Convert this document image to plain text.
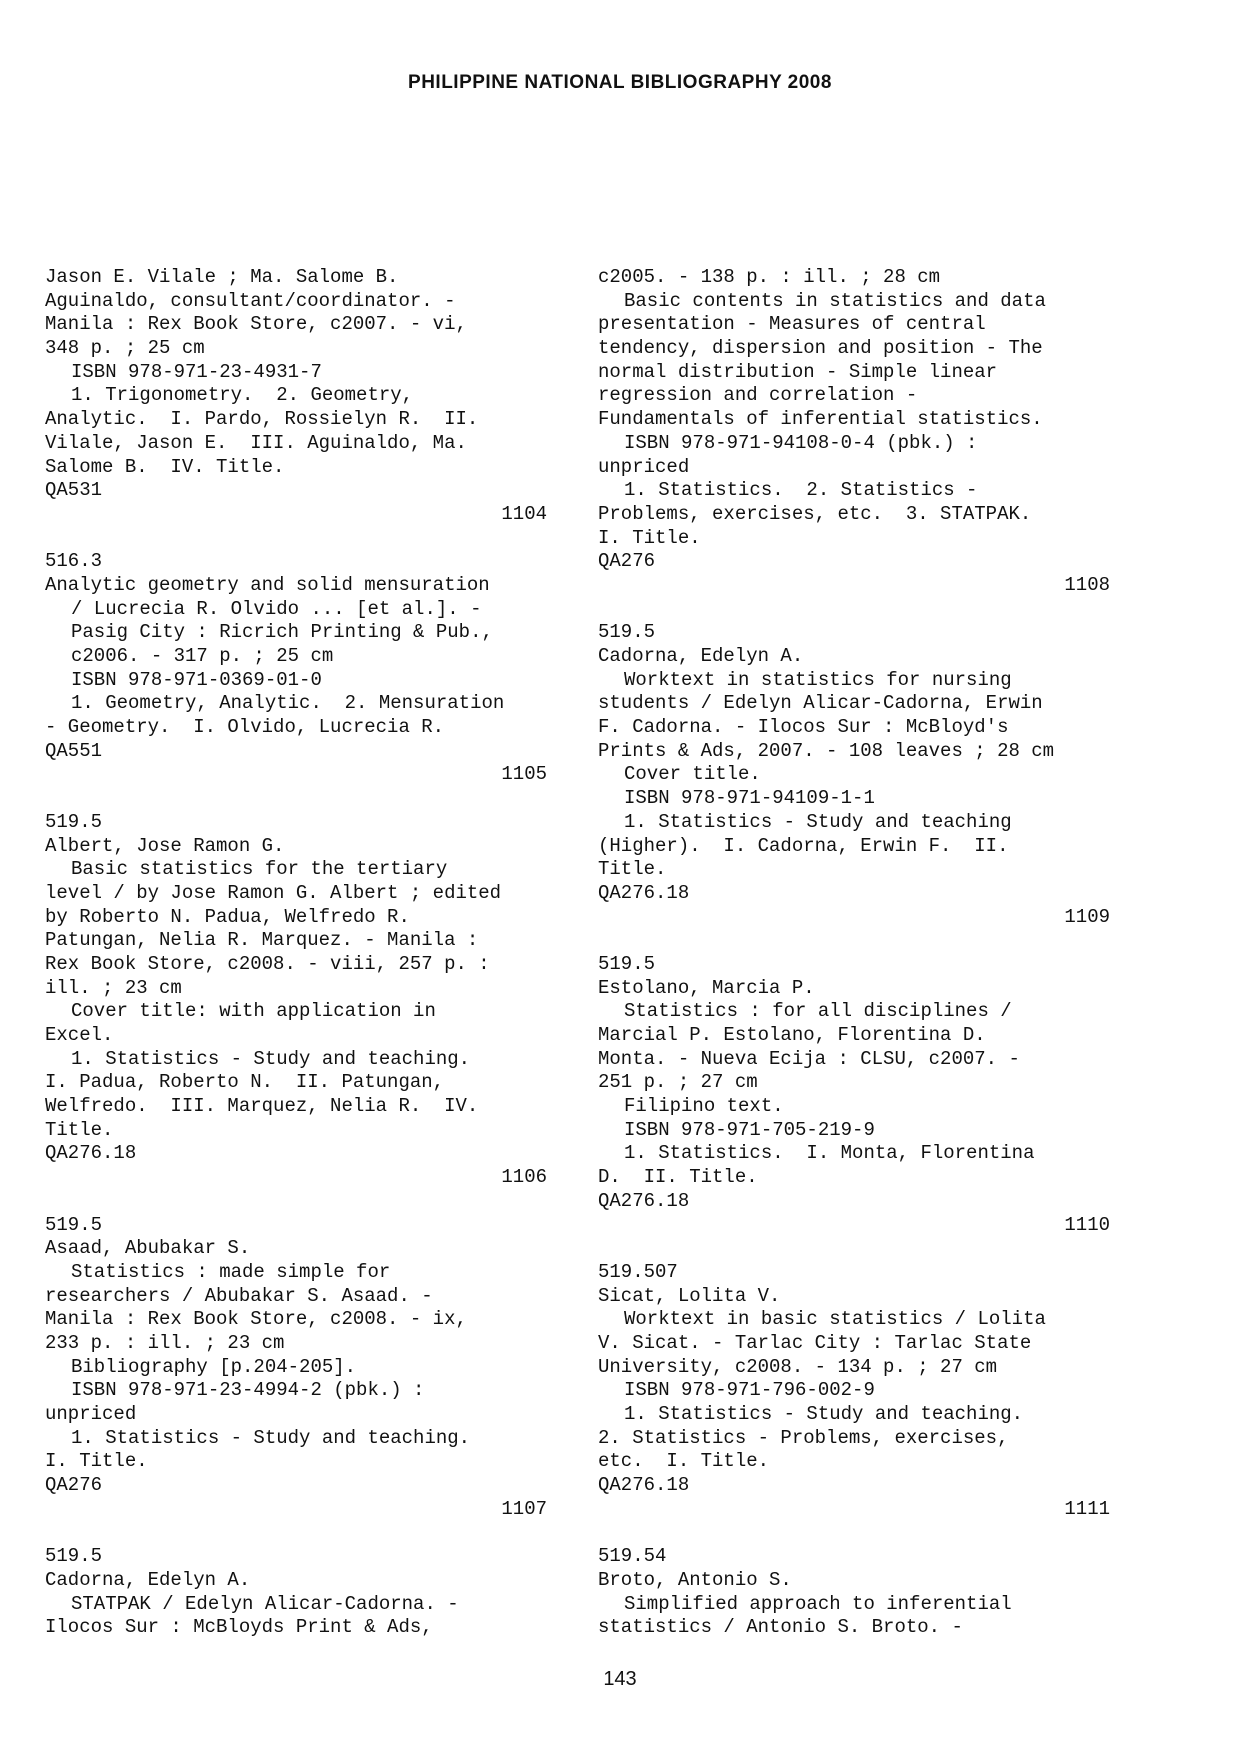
PHILIPPINE NATIONAL BIBLIOGRAPHY 2008
Jason E. Vilale ; Ma. Salome B.
Aguinaldo, consultant/coordinator. -
Manila : Rex Book Store, c2007. - vi,
348 p. ; 25 cm
ISBN 978-971-23-4931-7
1. Trigonometry.  2. Geometry,
Analytic.  I. Pardo, Rossielyn R.  II.
Vilale, Jason E.  III. Aguinaldo, Ma.
Salome B.  IV. Title.
QA531
1104
516.3
Analytic geometry and solid mensuration
/ Lucrecia R. Olvido ... [et al.]. -
Pasig City : Ricrich Printing & Pub.,
c2006. - 317 p. ; 25 cm
ISBN 978-971-0369-01-0
1. Geometry, Analytic.  2. Mensuration
- Geometry.  I. Olvido, Lucrecia R.
QA551
1105
519.5
Albert, Jose Ramon G.
Basic statistics for the tertiary
level / by Jose Ramon G. Albert ; edited
by Roberto N. Padua, Welfredo R.
Patungan, Nelia R. Marquez. - Manila :
Rex Book Store, c2008. - viii, 257 p. :
ill. ; 23 cm
Cover title: with application in
Excel.
1. Statistics - Study and teaching.
I. Padua, Roberto N.  II. Patungan,
Welfredo.  III. Marquez, Nelia R.  IV.
Title.
QA276.18
1106
519.5
Asaad, Abubakar S.
Statistics : made simple for
researchers / Abubakar S. Asaad. -
Manila : Rex Book Store, c2008. - ix,
233 p. : ill. ; 23 cm
Bibliography [p.204-205].
ISBN 978-971-23-4994-2 (pbk.) :
unpriced
1. Statistics - Study and teaching.
I. Title.
QA276
1107
519.5
Cadorna, Edelyn A.
STATPAK / Edelyn Alicar-Cadorna. -
Ilocos Sur : McBloyds Print & Ads,
c2005. - 138 p. : ill. ; 28 cm
Basic contents in statistics and data
presentation - Measures of central
tendency, dispersion and position - The
normal distribution - Simple linear
regression and correlation -
Fundamentals of inferential statistics.
ISBN 978-971-94108-0-4 (pbk.) :
unpriced
1. Statistics.  2. Statistics -
Problems, exercises, etc.  3. STATPAK.
I. Title.
QA276
1108
519.5
Cadorna, Edelyn A.
Worktext in statistics for nursing
students / Edelyn Alicar-Cadorna, Erwin
F. Cadorna. - Ilocos Sur : McBloyd's
Prints & Ads, 2007. - 108 leaves ; 28 cm
Cover title.
ISBN 978-971-94109-1-1
1. Statistics - Study and teaching
(Higher).  I. Cadorna, Erwin F.  II.
Title.
QA276.18
1109
519.5
Estolano, Marcia P.
Statistics : for all disciplines /
Marcial P. Estolano, Florentina D.
Monta. - Nueva Ecija : CLSU, c2007. -
251 p. ; 27 cm
Filipino text.
ISBN 978-971-705-219-9
1. Statistics.  I. Monta, Florentina
D.  II. Title.
QA276.18
1110
519.507
Sicat, Lolita V.
Worktext in basic statistics / Lolita
V. Sicat. - Tarlac City : Tarlac State
University, c2008. - 134 p. ; 27 cm
ISBN 978-971-796-002-9
1. Statistics - Study and teaching.
2. Statistics - Problems, exercises,
etc.  I. Title.
QA276.18
1111
519.54
Broto, Antonio S.
Simplified approach to inferential
statistics / Antonio S. Broto. -
143
